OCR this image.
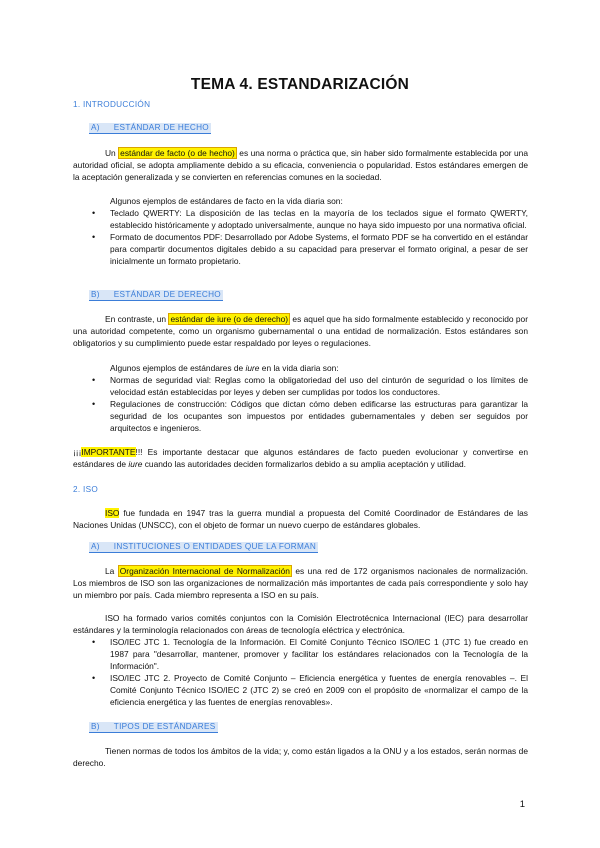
TEMA 4. ESTANDARIZACIÓN
1. INTRODUCCIÓN
A) ESTÁNDAR DE HECHO
Un estándar de facto (o de hecho) es una norma o práctica que, sin haber sido formalmente establecida por una autoridad oficial, se adopta ampliamente debido a su eficacia, conveniencia o popularidad. Estos estándares emergen de la aceptación generalizada y se convierten en referencias comunes en la sociedad.
Algunos ejemplos de estándares de facto en la vida diaria son:
• Teclado QWERTY: La disposición de las teclas en la mayoría de los teclados sigue el formato QWERTY, establecido históricamente y adoptado universalmente, aunque no haya sido impuesto por una normativa oficial.
• Formato de documentos PDF: Desarrollado por Adobe Systems, el formato PDF se ha convertido en el estándar para compartir documentos digitales debido a su capacidad para preservar el formato original, a pesar de ser inicialmente un formato propietario.
B) ESTÁNDAR DE DERECHO
En contraste, un estándar de iure (o de derecho) es aquel que ha sido formalmente establecido y reconocido por una autoridad competente, como un organismo gubernamental o una entidad de normalización. Estos estándares son obligatorios y su cumplimiento puede estar respaldado por leyes o regulaciones.
Algunos ejemplos de estándares de iure en la vida diaria son:
• Normas de seguridad vial: Reglas como la obligatoriedad del uso del cinturón de seguridad o los límites de velocidad están establecidas por leyes y deben ser cumplidas por todos los conductores.
• Regulaciones de construcción: Códigos que dictan cómo deben edificarse las estructuras para garantizar la seguridad de los ocupantes son impuestos por entidades gubernamentales y deben ser seguidos por arquitectos e ingenieros.
¡¡¡IMPORTANTE!!! Es importante destacar que algunos estándares de facto pueden evolucionar y convertirse en estándares de iure cuando las autoridades deciden formalizarlos debido a su amplia aceptación y utilidad.
2. ISO
ISO fue fundada en 1947 tras la guerra mundial a propuesta del Comité Coordinador de Estándares de las Naciones Unidas (UNSCC), con el objeto de formar un nuevo cuerpo de estándares globales.
A) INSTITUCIONES O ENTIDADES QUE LA FORMAN
La Organización Internacional de Normalización es una red de 172 organismos nacionales de normalización. Los miembros de ISO son las organizaciones de normalización más importantes de cada país correspondiente y solo hay un miembro por país. Cada miembro representa a ISO en su país.
ISO ha formado varios comités conjuntos con la Comisión Electrotécnica Internacional (IEC) para desarrollar estándares y la terminología relacionados con áreas de tecnología eléctrica y electrónica.
• ISO/IEC JTC 1. Tecnología de la Información. El Comité Conjunto Técnico ISO/IEC 1 (JTC 1) fue creado en 1987 para "desarrollar, mantener, promover y facilitar los estándares relacionados con la Tecnología de la Información".
• ISO/IEC JTC 2. Proyecto de Comité Conjunto – Eficiencia energética y fuentes de energía renovables –. El Comité Conjunto Técnico ISO/IEC 2 (JTC 2) se creó en 2009 con el propósito de «normalizar el campo de la eficiencia energética y las fuentes de energías renovables».
B) TIPOS DE ESTÁNDARES
Tienen normas de todos los ámbitos de la vida; y, como están ligados a la ONU y a los estados, serán normas de derecho.
1
